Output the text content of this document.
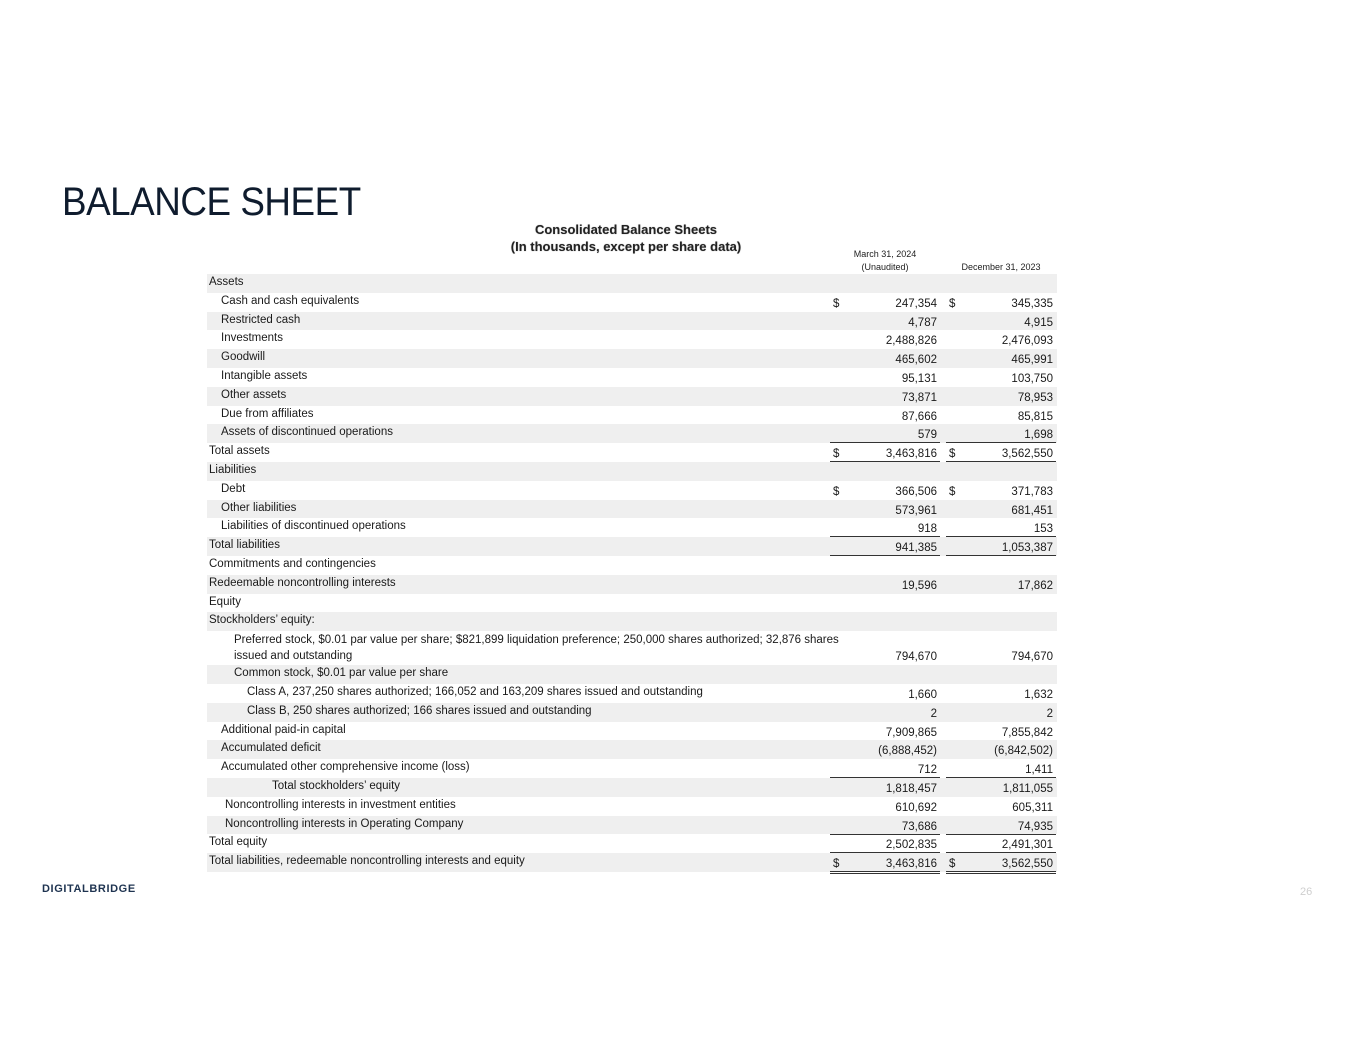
BALANCE SHEET
Consolidated Balance Sheets
(In thousands, except per share data)	March 31, 2024
(Unaudited)	December 31, 2023
Assets
Cash and cash equivalents	$	247,354 $	345,335
Restricted cash	4,787	4,915
Investments	2,488,826	2,476,093
Goodwill	465,602	465,991
Intangible assets	95,131	103,750
Other assets	73,871	78,953
Due from affiliates	87,666	85,815
Assets of discontinued operations	579	1,698
Total assets	$	3,463,816 $	3,562,550
Liabilities
Debt	$	366,506 $	371,783
Other liabilities	573,961	681,451
Liabilities of discontinued operations	918	153
Total liabilities	941,385	1,053,387
Commitments and contingencies
Redeemable noncontrolling interests	19,596	17,862
Equity
Stockholders’ equity:
Preferred stock, $0.01 par value per share; $821,899 liquidation preference; 250,000 shares authorized; 32,876 shares issued and outstanding	794,670	794,670
Common stock, $0.01 par value per share
Class A, 237,250 shares authorized; 166,052 and 163,209 shares issued and outstanding	1,660	1,632
Class B, 250 shares authorized; 166 shares issued and outstanding	2	2
Additional paid-in capital	7,909,865	7,855,842
Accumulated deficit	(6,888,452)	(6,842,502)
Accumulated other comprehensive income (loss)	712	1,411
Total stockholders’ equity	1,818,457	1,811,055
Noncontrolling interests in investment entities	610,692	605,311
Noncontrolling interests in Operating Company	73,686	74,935
Total equity	2,502,835	2,491,301
Total liabilities, redeemable noncontrolling interests and equity	$	3,463,816 $	3,562,550
DIGITALBRIDGE	26
